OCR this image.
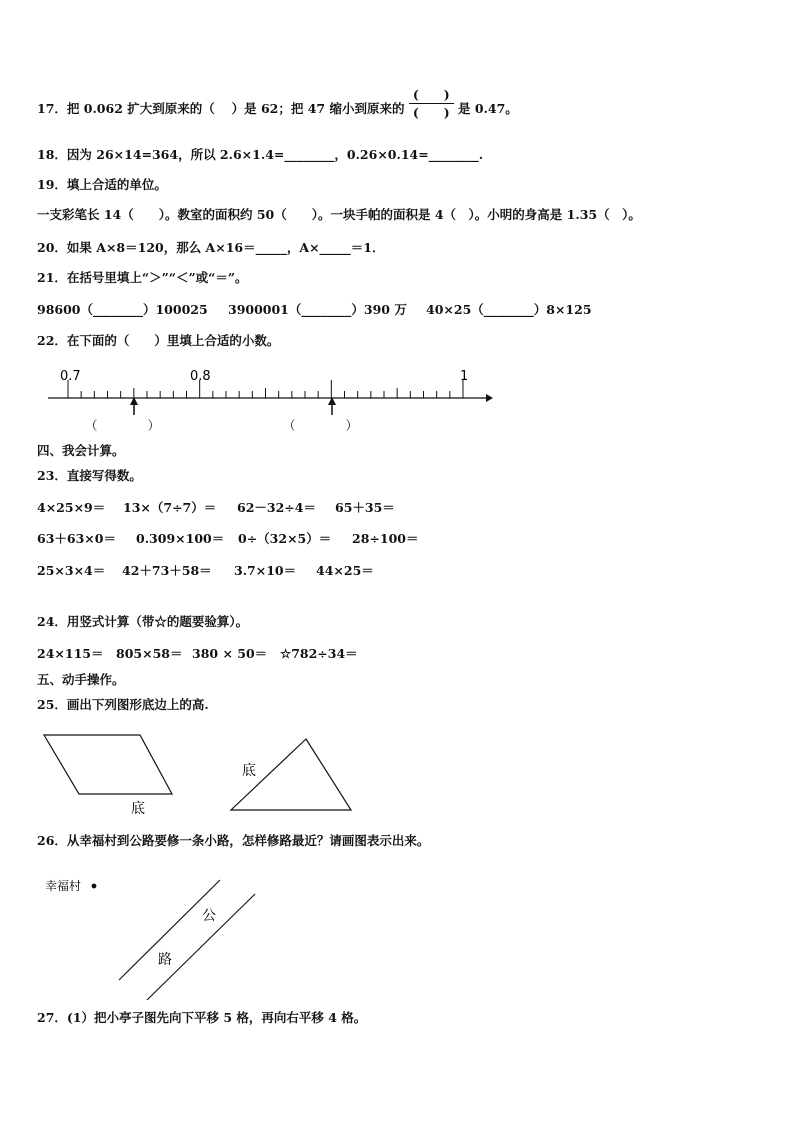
17．把 0.062 扩大到原来的（　 ）是 62；把 47 缩小到原来的 $\frac{( )}{( )}$ 是 0.47。
18．因为 26×14=364，所以 2.6×1.4=________，0.26×0.14=________.
19．填上合适的单位。
一支彩笔长 14（　　）。教室的面积约 50（　　）。一块手帕的面积是 4（　）。小明的身高是 1.35（　）。
20．如果 A×8＝120，那么 A×16＝_____，A×_____＝1．
21．在括号里填上“＞”“＜”或“＝”。
98600（________）100025 3900001（________）390 万 40×25（________）8×125
22．在下面的（　　）里填上合适的小数。
0.7	0.8	1
（　　　　）	（　　　　）
四、我会计算。
23．直接写得数。
4×25×9＝ 13×（7÷7）＝ 62－32÷4＝ 65＋35＝
63＋63×0＝ 0.309×100＝ 0÷（32×5）＝ 28÷100＝
25×3×4＝ 42＋73＋58＝ 3.7×10＝ 44×25＝
24．用竖式计算（带☆的题要验算）。
24×115＝ 805×58＝ 380 × 50＝ ☆782÷34＝
五、动手操作。
25．画出下列图形底边上的高.
底
底
26．从幸福村到公路要修一条小路，怎样修路最近？请画图表示出来。
幸福村
公
路
27．(1）把小亭子图先向下平移 5 格，再向右平移 4 格。
